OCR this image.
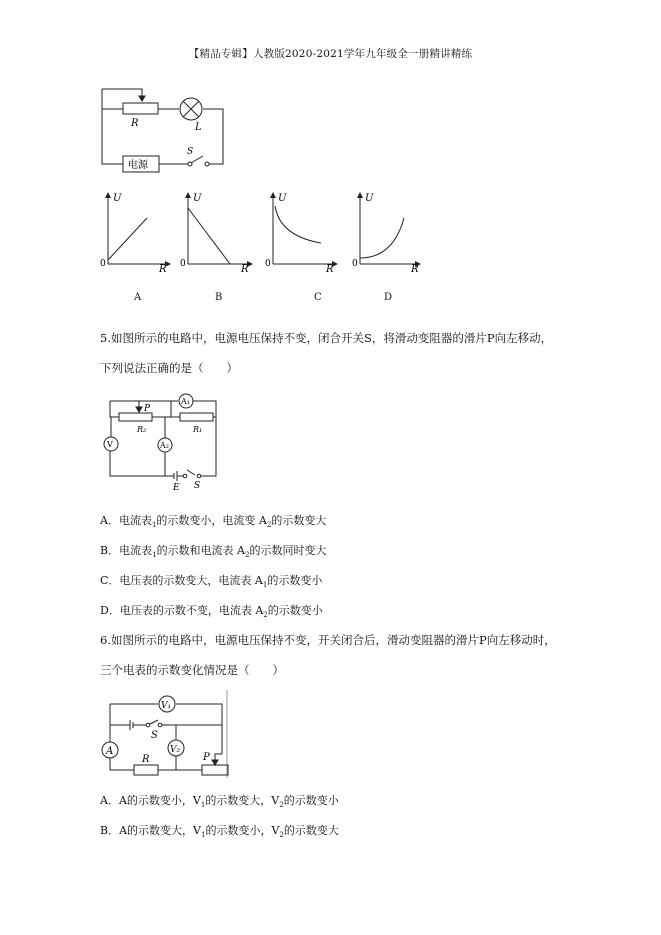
【精品专辑】人教版2020-2021学年九年级全一册精讲精练
R	L
电源
S
U
0	R
U
0	R
U
0	R
U
0	R
A	B	C	D
5.如图所示的电路中，电源电压保持不变，闭合开关S，将滑动变阻器的滑片P向左移动，
下列说法正确的是（　　）
A₁
P
R₂	R₁
V	A₂
E S
A．电流表$_1$的示数变小，电流变 $A_2$的示数变大
B．电流表$_1$的示数和电流表 $A_2$的示数同时变大
C．电压表的示数变大，电流表 $A_1$的示数变小
D．电压表的示数不变，电流表 $A_2$的示数变小
6.如图所示的电路中，电源电压保持不变，开关闭合后，滑动变阻器的滑片P向左移动时，
三个电表的示数变化情况是（　　）
V₁
A
S
V₂
R	P
A．A的示数变小，$V_1$的示数变大，$V_2$的示数变小
B．A的示数变大，$V_1$的示数变小，$V_2$的示数变大
